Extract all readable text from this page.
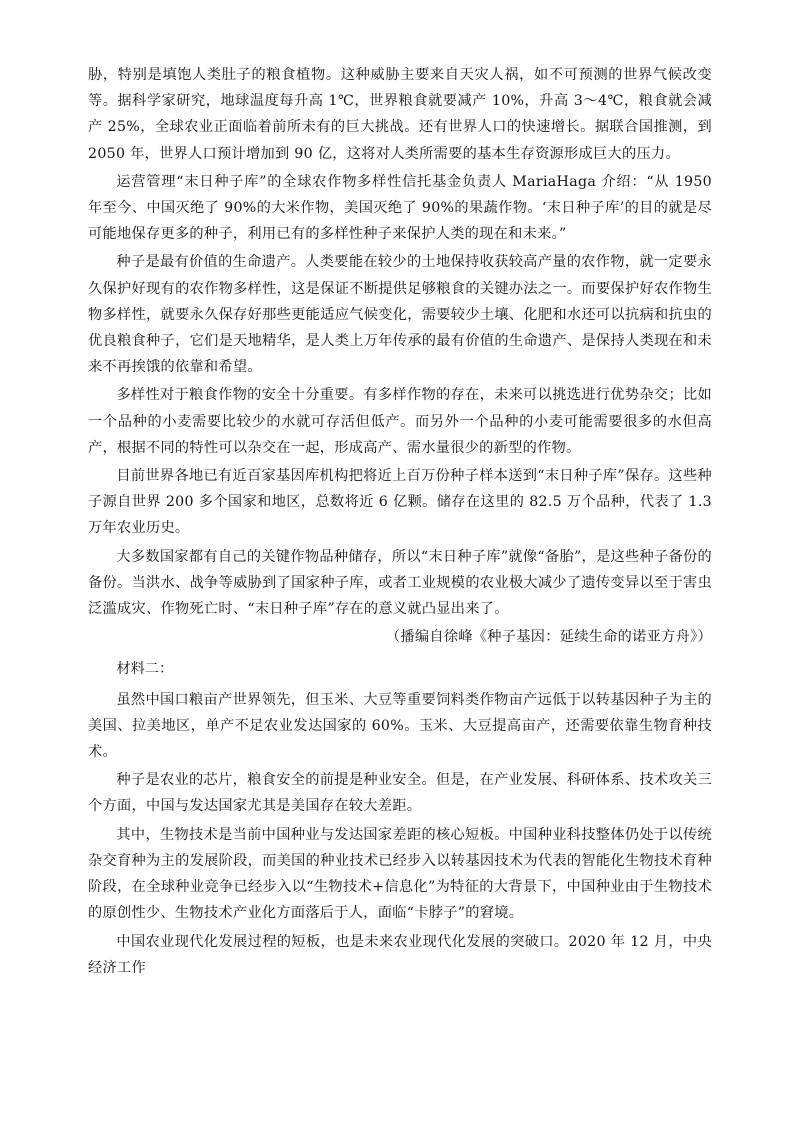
胁，特别是填饱人类肚子的粮食植物。这种威胁主要来自天灾人祸，如不可预测的世界气候改变等。据科学家研究，地球温度每升高 1℃，世界粮食就要减产 10%，升高 3～4℃，粮食就会减产 25%，全球农业正面临着前所未有的巨大挑战。还有世界人口的快速增长。据联合国推测，到 2050 年，世界人口预计增加到 90 亿，这将对人类所需要的基本生存资源形成巨大的压力。

运营管理“末日种子库”的全球农作物多样性信托基金负责人 MariaHaga 介绍：“从 1950 年至今、中国灭绝了 90%的大米作物，美国灭绝了 90%的果蔬作物。‘末日种子库’的目的就是尽可能地保存更多的种子，利用已有的多样性种子来保护人类的现在和未来。”

种子是最有价值的生命遗产。人类要能在较少的土地保持收获较高产量的农作物，就一定要永久保护好现有的农作物多样性，这是保证不断提供足够粮食的关键办法之一。而要保护好农作物生物多样性，就要永久保存好那些更能适应气候变化，需要较少土壤、化肥和水还可以抗病和抗虫的优良粮食种子，它们是天地精华，是人类上万年传承的最有价值的生命遗产、是保持人类现在和未来不再挨饿的依靠和希望。

多样性对于粮食作物的安全十分重要。有多样作物的存在，未来可以挑选进行优势杂交；比如一个品种的小麦需要比较少的水就可存活但低产。而另外一个品种的小麦可能需要很多的水但高产，根据不同的特性可以杂交在一起，形成高产、需水量很少的新型的作物。

目前世界各地已有近百家基因库机构把将近上百万份种子样本送到“末日种子库”保存。这些种子源自世界 200 多个国家和地区，总数将近 6 亿颗。储存在这里的 82.5 万个品种，代表了 1.3 万年农业历史。

大多数国家都有自己的关键作物品种储存，所以“末日种子库”就像“备胎”，是这些种子备份的备份。当洪水、战争等威胁到了国家种子库，或者工业规模的农业极大减少了遗传变异以至于害虫泛滥成灾、作物死亡时、“末日种子库”存在的意义就凸显出来了。

（播编自徐峰《种子基因：延续生命的诺亚方舟》）

材料二：

虽然中国口粮亩产世界领先，但玉米、大豆等重要饲料类作物亩产远低于以转基因种子为主的美国、拉美地区，单产不足农业发达国家的 60%。玉米、大豆提高亩产，还需要依靠生物育种技术。

种子是农业的芯片，粮食安全的前提是种业安全。但是，在产业发展、科研体系、技术攻关三个方面，中国与发达国家尤其是美国存在较大差距。

其中，生物技术是当前中国种业与发达国家差距的核心短板。中国种业科技整体仍处于以传统杂交育种为主的发展阶段，而美国的种业技术已经步入以转基因技术为代表的智能化生物技术育种阶段，在全球种业竞争已经步入以“生物技术+信息化”为特征的大背景下，中国种业由于生物技术的原创性少、生物技术产业化方面落后于人，面临“卡脖子”的窘境。

中国农业现代化发展过程的短板，也是未来农业现代化发展的突破口。2020 年 12 月，中央经济工作
